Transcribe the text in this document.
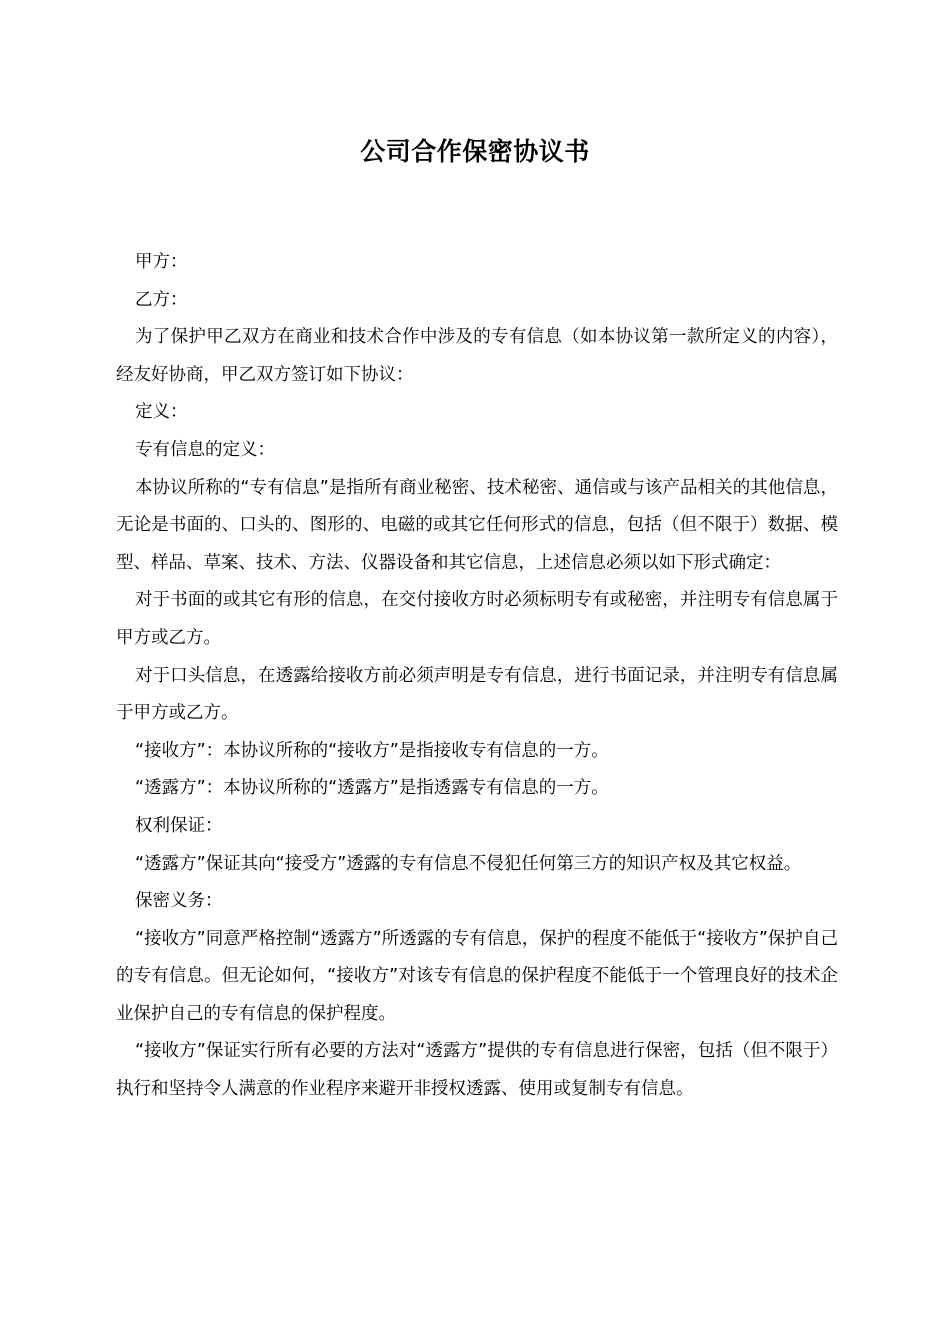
公司合作保密协议书

甲方：

乙方：

为了保护甲乙双方在商业和技术合作中涉及的专有信息（如本协议第一款所定义的内容），经友好协商，甲乙双方签订如下协议：

定义：

专有信息的定义：

本协议所称的“专有信息”是指所有商业秘密、技术秘密、通信或与该产品相关的其他信息，无论是书面的、口头的、图形的、电磁的或其它任何形式的信息，包括（但不限于）数据、模型、样品、草案、技术、方法、仪器设备和其它信息，上述信息必须以如下形式确定：

对于书面的或其它有形的信息，在交付接收方时必须标明专有或秘密，并注明专有信息属于甲方或乙方。

对于口头信息，在透露给接收方前必须声明是专有信息，进行书面记录，并注明专有信息属于甲方或乙方。

“接收方”：本协议所称的“接收方”是指接收专有信息的一方。

“透露方”：本协议所称的“透露方”是指透露专有信息的一方。

权利保证：

“透露方”保证其向“接受方”透露的专有信息不侵犯任何第三方的知识产权及其它权益。

保密义务：

“接收方”同意严格控制“透露方”所透露的专有信息，保护的程度不能低于“接收方”保护自己的专有信息。但无论如何，“接收方”对该专有信息的保护程度不能低于一个管理良好的技术企业保护自己的专有信息的保护程度。

“接收方”保证实行所有必要的方法对“透露方”提供的专有信息进行保密，包括（但不限于）执行和坚持令人满意的作业程序来避开非授权透露、使用或复制专有信息。
